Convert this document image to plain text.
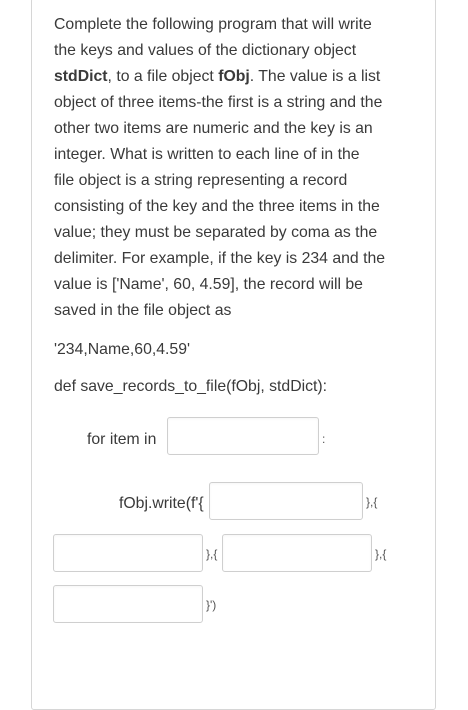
Complete the following program that will write
the keys and values of the dictionary object
stdDict, to a file object fObj. The value is a list
object of three items-the first is a string and the
other two items are numeric and the key is an
integer. What is written to each line of in the
file object is a string representing a record
consisting of the key and the three items in the
value; they must be separated by coma as the
delimiter. For example, if the key is 234 and the
value is ['Name', 60, 4.59], the record will be
saved in the file object as

'234,Name,60,4.59'
def save_records_to_file(fObj, stdDict):
for item in	:
fObj.write(f'{	},{
},{	},{
}')
